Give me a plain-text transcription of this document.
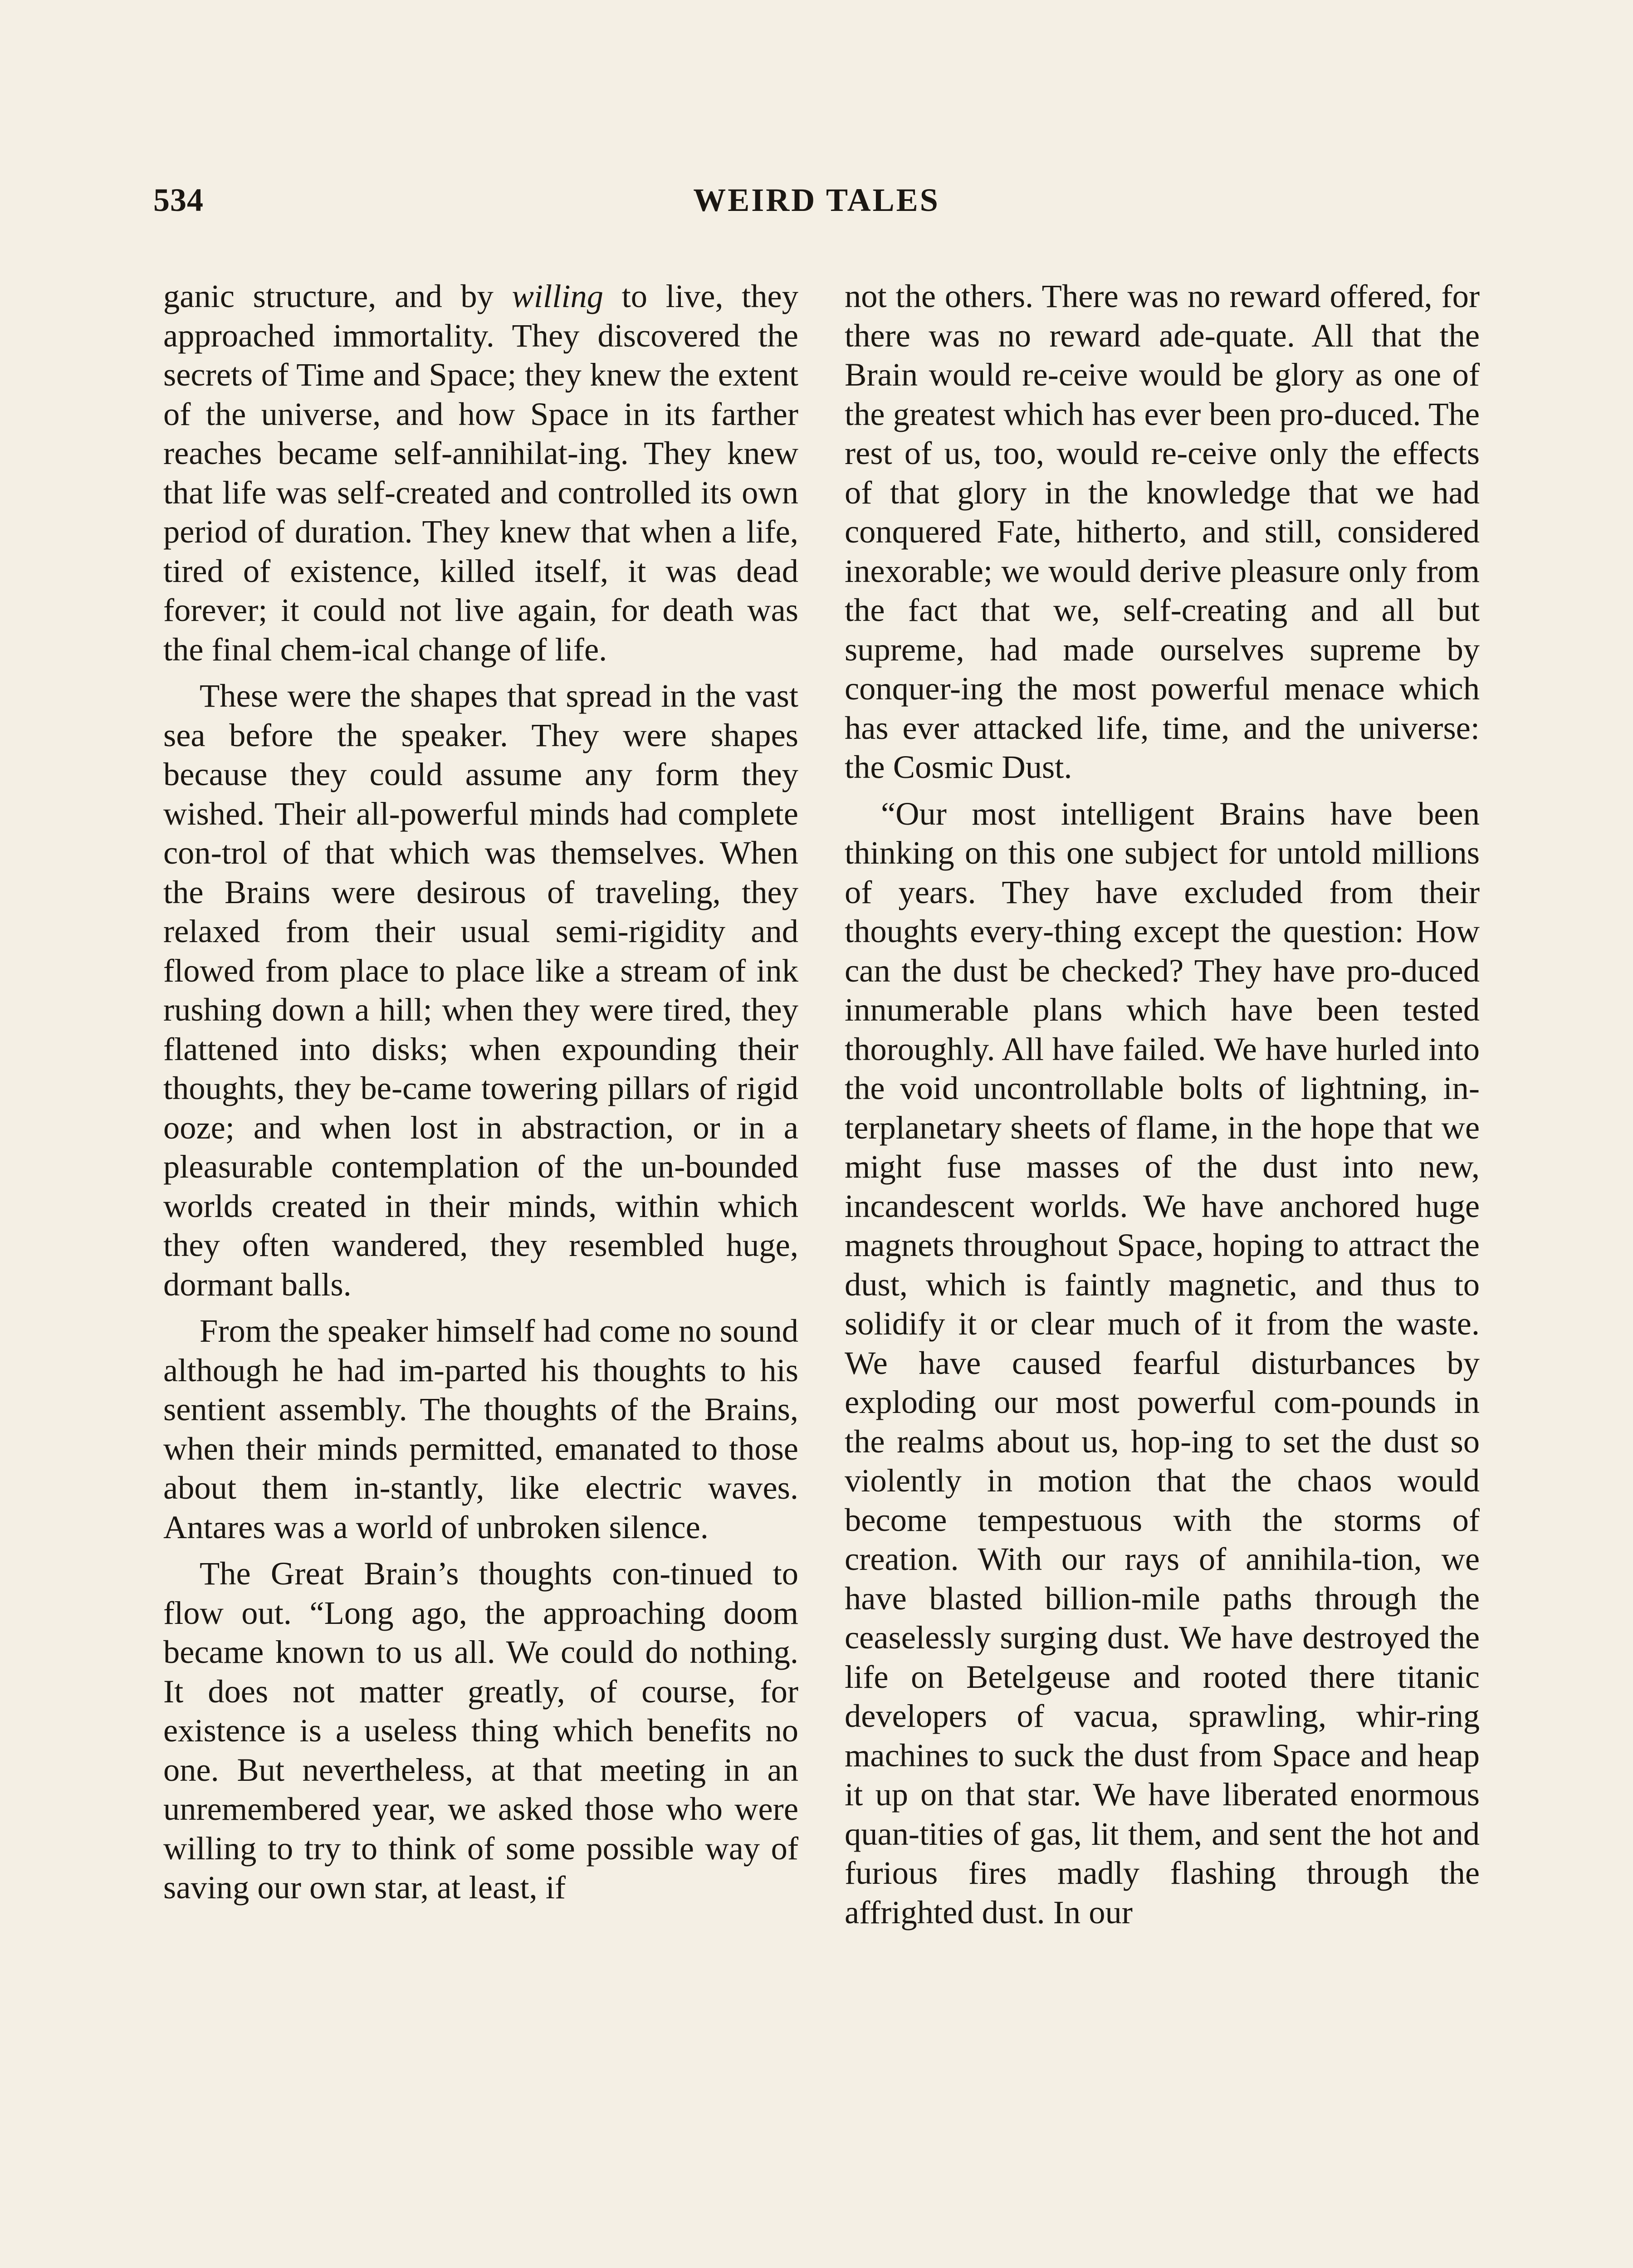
534	WEIRD TALES

ganic structure, and by willing to live, they approached immortality. They discovered the secrets of Time and Space; they knew the extent of the universe, and how Space in its farther reaches became self-annihilat-ing. They knew that life was self-created and controlled its own period of duration. They knew that when a life, tired of existence, killed itself, it was dead forever; it could not live again, for death was the final chem-ical change of life.

These were the shapes that spread in the vast sea before the speaker. They were shapes because they could assume any form they wished. Their all-powerful minds had complete con-trol of that which was themselves. When the Brains were desirous of traveling, they relaxed from their usual semi-rigidity and flowed from place to place like a stream of ink rushing down a hill; when they were tired, they flattened into disks; when expounding their thoughts, they be-came towering pillars of rigid ooze; and when lost in abstraction, or in a pleasurable contemplation of the un-bounded worlds created in their minds, within which they often wandered, they resembled huge, dormant balls.

From the speaker himself had come no sound although he had im-parted his thoughts to his sentient assembly. The thoughts of the Brains, when their minds permitted, emanated to those about them in-stantly, like electric waves. Antares was a world of unbroken silence.

The Great Brain’s thoughts con-tinued to flow out. “Long ago, the approaching doom became known to us all. We could do nothing. It does not matter greatly, of course, for existence is a useless thing which benefits no one. But nevertheless, at that meeting in an unremembered year, we asked those who were willing to try to think of some possible way of saving our own star, at least, if

not the others. There was no reward offered, for there was no reward ade-quate. All that the Brain would re-ceive would be glory as one of the greatest which has ever been pro-duced. The rest of us, too, would re-ceive only the effects of that glory in the knowledge that we had conquered Fate, hitherto, and still, considered inexorable; we would derive pleasure only from the fact that we, self-creating and all but supreme, had made ourselves supreme by conquer-ing the most powerful menace which has ever attacked life, time, and the universe: the Cosmic Dust.

“Our most intelligent Brains have been thinking on this one subject for untold millions of years. They have excluded from their thoughts every-thing except the question: How can the dust be checked? They have pro-duced innumerable plans which have been tested thoroughly. All have failed. We have hurled into the void uncontrollable bolts of lightning, in-terplanetary sheets of flame, in the hope that we might fuse masses of the dust into new, incandescent worlds. We have anchored huge magnets throughout Space, hoping to attract the dust, which is faintly magnetic, and thus to solidify it or clear much of it from the waste. We have caused fearful disturbances by exploding our most powerful com-pounds in the realms about us, hop-ing to set the dust so violently in motion that the chaos would become tempestuous with the storms of creation. With our rays of annihila-tion, we have blasted billion-mile paths through the ceaselessly surging dust. We have destroyed the life on Betelgeuse and rooted there titanic developers of vacua, sprawling, whir-ring machines to suck the dust from Space and heap it up on that star. We have liberated enormous quan-tities of gas, lit them, and sent the hot and furious fires madly flashing through the affrighted dust. In our
